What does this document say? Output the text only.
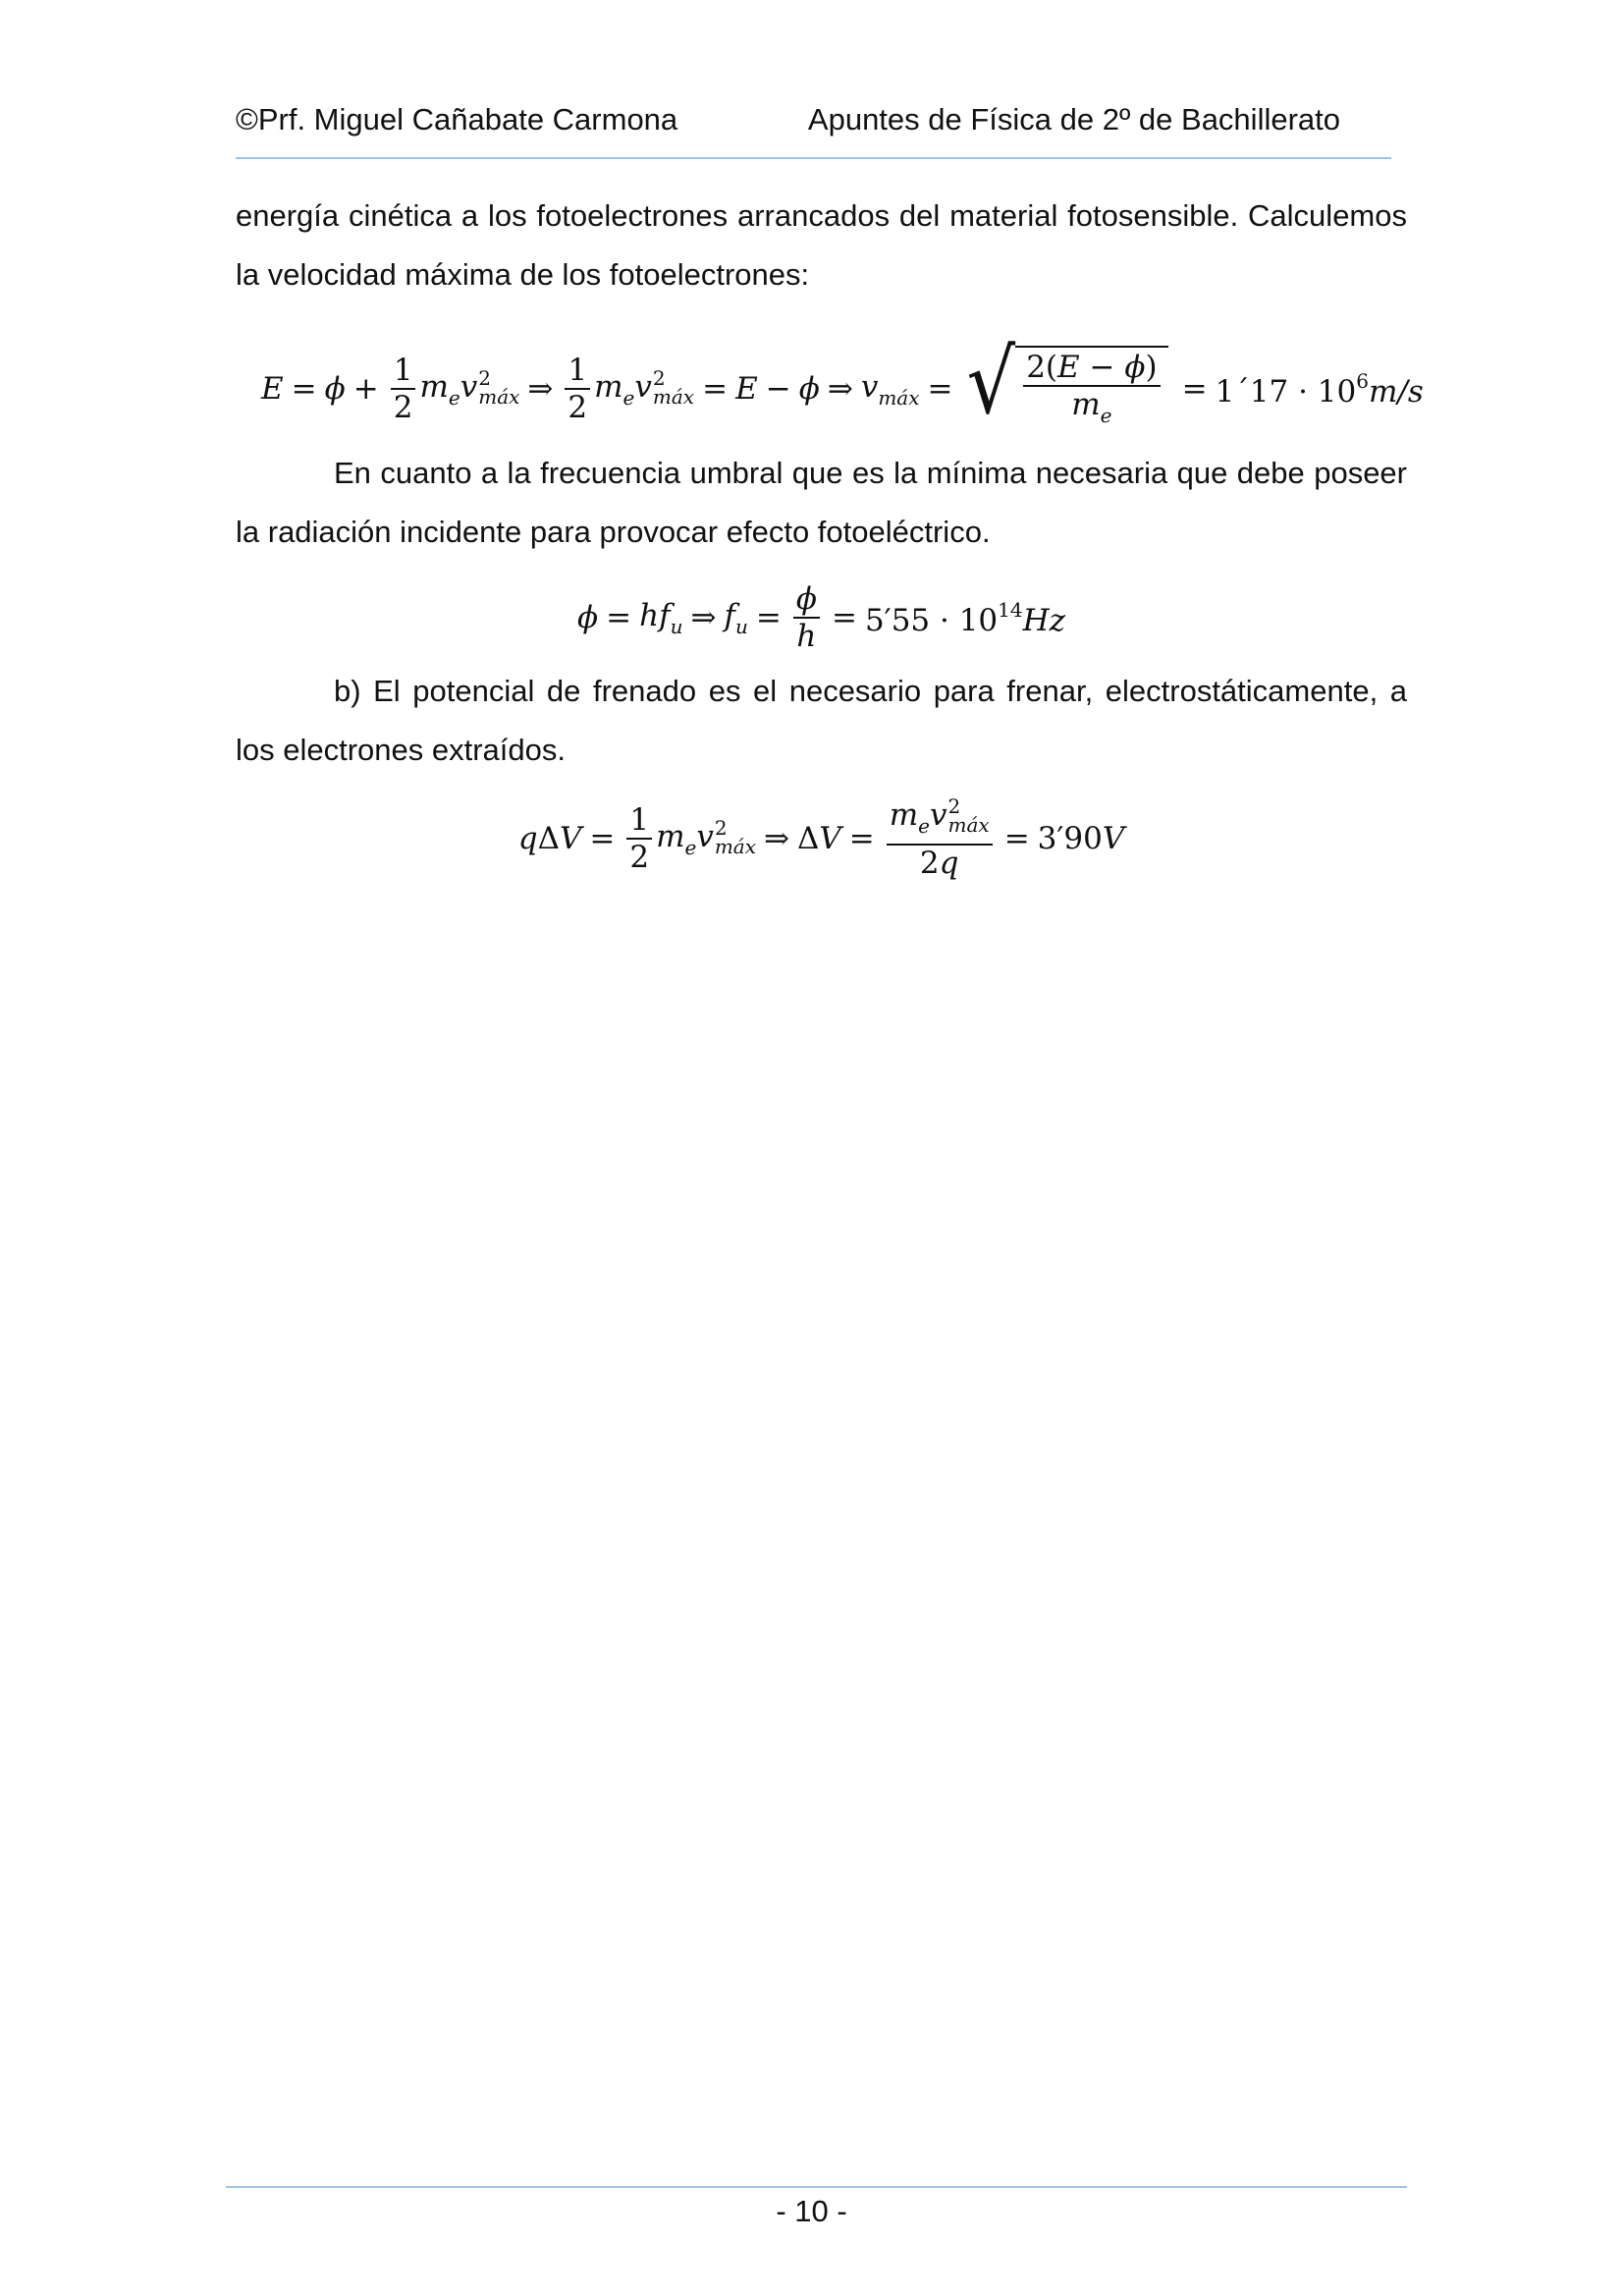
©Prf. Miguel Cañabate Carmona	Apuntes de Física de 2º de Bachillerato

energía cinética a los fotoelectrones arrancados del material fotosensible. Calculemos la velocidad máxima de los fotoelectrones:

$E = \phi + \frac{1}{2} m_ev$ 2
máx ⇒ $\frac{1}{2} m_ev$ 2
máx = E − ϕ ⇒ $v_{máx}$ = √ $\frac{2(E - \phi)}{m_e}$ = 1´17 · $10^6m/s$

En cuanto a la frecuencia umbral que es la mínima necesaria que debe poseer la radiación incidente para provocar efecto fotoeléctrico.

$\phi = hf_u$ ⇒ $f_u = \frac{\phi}{h} = 5'55 \cdot 10^{14}Hz$

b) El potencial de frenado es el necesario para frenar, electrostáticamente, a los electrones extraídos.

$q\Delta V = \frac{1}{2} m_ev$ 2
máx ⇒ $\Delta V = m_ev$ 2
máx
2q = 3′90V
- 10 -
